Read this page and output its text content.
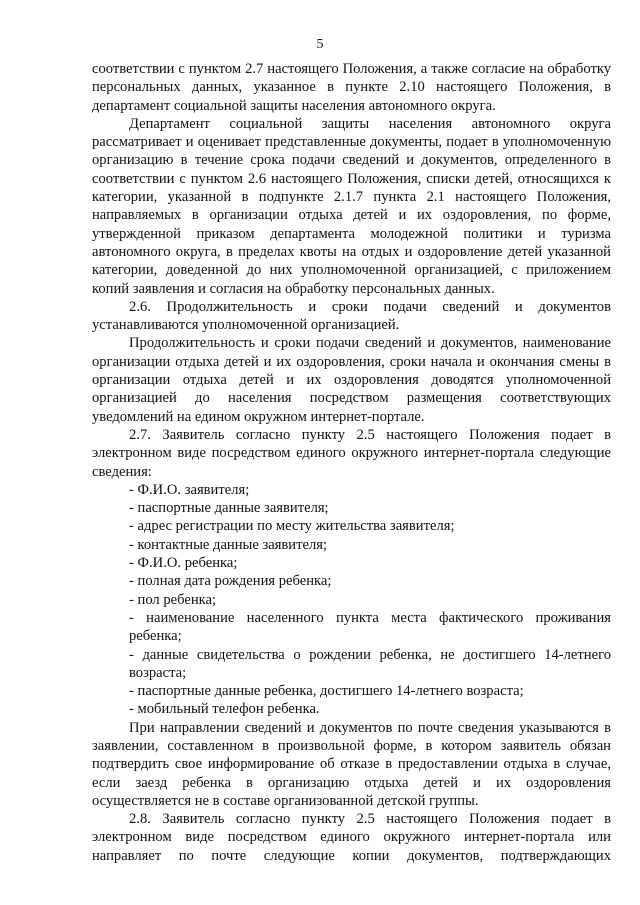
5

соответствии с пунктом 2.7 настоящего Положения, а также согласие на обработку персональных данных, указанное в пункте 2.10 настоящего Положения, в департамент социальной защиты населения автономного округа.

Департамент социальной защиты населения автономного округа рассматривает и оценивает представленные документы, подает в уполномоченную организацию в течение срока подачи сведений и документов, определенного в соответствии с пунктом 2.6 настоящего Положения, списки детей, относящихся к категории, указанной в подпункте 2.1.7 пункта 2.1 настоящего Положения, направляемых в организации отдыха детей и их оздоровления, по форме, утвержденной приказом департамента молодежной политики и туризма автономного округа, в пределах квоты на отдых и оздоровление детей указанной категории, доведенной до них уполномоченной организацией, с приложением копий заявления и согласия на обработку персональных данных.

2.6. Продолжительность и сроки подачи сведений и документов устанавливаются уполномоченной организацией.

Продолжительность и сроки подачи сведений и документов, наименование организации отдыха детей и их оздоровления, сроки начала и окончания смены в организации отдыха детей и их оздоровления доводятся уполномоченной организацией до населения посредством размещения соответствующих уведомлений на едином окружном интернет-портале.

2.7. Заявитель согласно пункту 2.5 настоящего Положения подает в электронном виде посредством единого окружного интернет-портала следующие сведения:

- Ф.И.О. заявителя;
- паспортные данные заявителя;
- адрес регистрации по месту жительства заявителя;
- контактные данные заявителя;
- Ф.И.О. ребенка;
- полная дата рождения ребенка;
- пол ребенка;
- наименование населенного пункта места фактического проживания ребенка;
- данные свидетельства о рождении ребенка, не достигшего 14-летнего возраста;
- паспортные данные ребенка, достигшего 14-летнего возраста;
- мобильный телефон ребенка.

При направлении сведений и документов по почте сведения указываются в заявлении, составленном в произвольной форме, в котором заявитель обязан подтвердить свое информирование об отказе в предоставлении отдыха в случае, если заезд ребенка в организацию отдыха детей и их оздоровления осуществляется не в составе организованной детской группы.

2.8. Заявитель согласно пункту 2.5 настоящего Положения подает в электронном виде посредством единого окружного интернет-портала или направляет по почте следующие копии документов, подтверждающих
